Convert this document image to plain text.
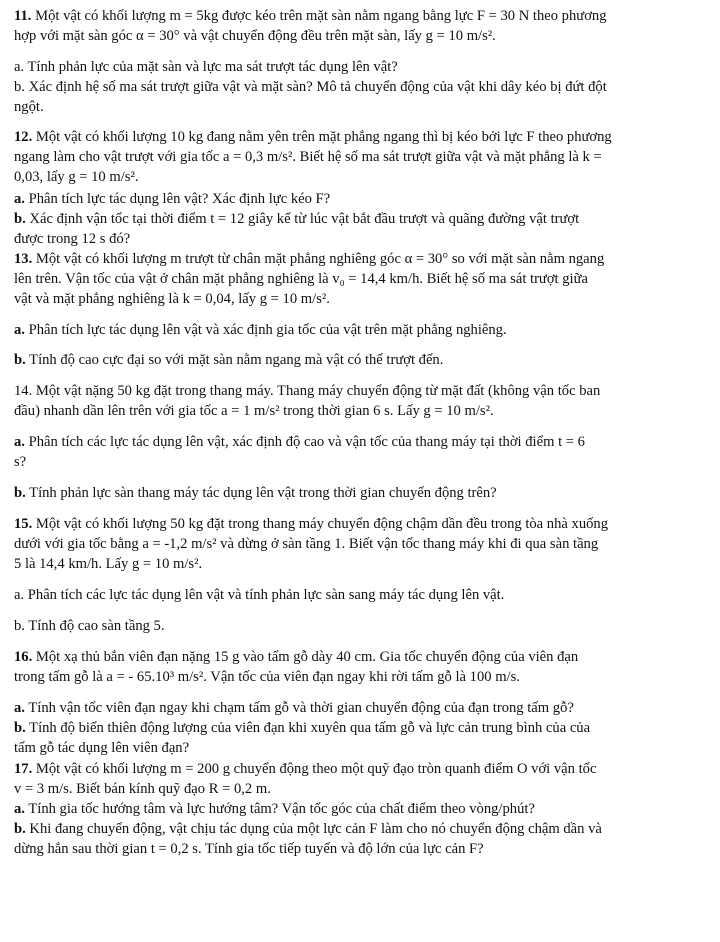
11. Một vật có khối lượng m = 5kg được kéo trên mặt sàn nằm ngang bằng lực F = 30 N theo phương
hợp với mặt sàn góc α = 30° và vật chuyển động đều trên mặt sàn, lấy g = 10 m/s².
a. Tính phản lực của mặt sàn và lực ma sát trượt tác dụng lên vật?
b. Xác định hệ số ma sát trượt giữa vật và mặt sàn? Mô tả chuyển động của vật khi dây kéo bị đứt đột
ngột.
12. Một vật có khối lượng 10 kg đang nằm yên trên mặt phẳng ngang thì bị kéo bởi lực F theo phương
ngang làm cho vật trượt với gia tốc a = 0,3 m/s². Biết hệ số ma sát trượt giữa vật và mặt phẳng là k =
0,03, lấy g = 10 m/s².
a. Phân tích lực tác dụng lên vật? Xác định lực kéo F?
b. Xác định vận tốc tại thời điểm t = 12 giây kể từ lúc vật bắt đầu trượt và quãng đường vật trượt
được trong 12 s đó?
13. Một vật có khối lượng m trượt từ chân mặt phẳng nghiêng góc α = 30° so với mặt sàn nằm ngang
lên trên. Vận tốc của vật ở chân mặt phẳng nghiêng là v₀ = 14,4 km/h. Biết hệ số ma sát trượt giữa
vật và mặt phẳng nghiêng là k = 0,04, lấy g = 10 m/s².
a. Phân tích lực tác dụng lên vật và xác định gia tốc của vật trên mặt phẳng nghiêng.
b. Tính độ cao cực đại so với mặt sàn nằm ngang mà vật có thể trượt đến.
14. Một vật nặng 50 kg đặt trong thang máy. Thang máy chuyển động từ mặt đất (không vận tốc ban
đầu) nhanh dần lên trên với gia tốc a = 1 m/s² trong thời gian 6 s. Lấy g = 10 m/s².
a. Phân tích các lực tác dụng lên vật, xác định độ cao và vận tốc của thang máy tại thời điểm t = 6
s?
b. Tính phản lực sàn thang máy tác dụng lên vật trong thời gian chuyển động trên?
15. Một vật có khối lượng 50 kg đặt trong thang máy chuyển động chậm dần đều trong tòa nhà xuống
dưới với gia tốc bằng a = -1,2 m/s² và dừng ở sàn tầng 1. Biết vận tốc thang máy khi đi qua sàn tầng
5 là 14,4 km/h. Lấy g = 10 m/s².
a. Phân tích các lực tác dụng lên vật và tính phản lực sàn sang máy tác dụng lên vật.
b. Tính độ cao sàn tầng 5.
16. Một xạ thủ bắn viên đạn nặng 15 g vào tấm gỗ dày 40 cm. Gia tốc chuyển động của viên đạn
trong tấm gỗ là a = - 65.10³ m/s². Vận tốc của viên đạn ngay khi rời tấm gỗ là 100 m/s.
a. Tính vận tốc viên đạn ngay khi chạm tấm gỗ và thời gian chuyển động của đạn trong tấm gỗ?
b. Tính độ biến thiên động lượng của viên đạn khi xuyên qua tấm gỗ và lực cản trung bình của của
tấm gỗ tác dụng lên viên đạn?
17. Một vật có khối lượng m = 200 g chuyển động theo một quỹ đạo tròn quanh điểm O với vận tốc
v = 3 m/s. Biết bán kính quỹ đạo R = 0,2 m.
a. Tính gia tốc hướng tâm và lực hướng tâm? Vận tốc góc của chất điểm theo vòng/phút?
b. Khi đang chuyển động, vật chịu tác dụng của một lực cản F làm cho nó chuyển động chậm dần và
dừng hẳn sau thời gian t = 0,2 s. Tính gia tốc tiếp tuyến và độ lớn của lực cản F?
